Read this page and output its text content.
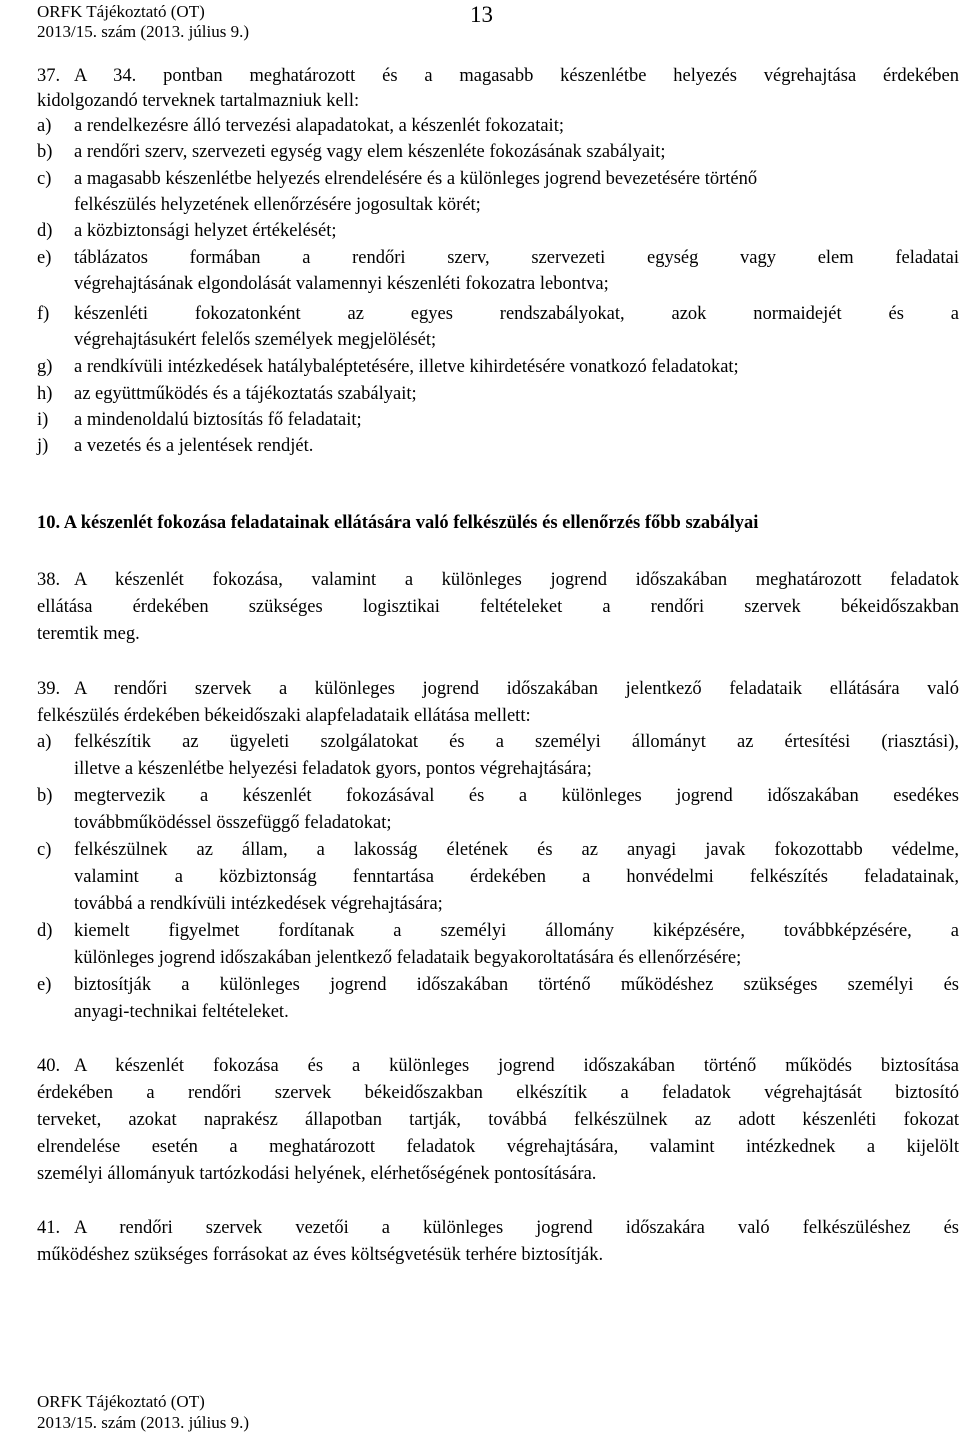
ORFK Tájékoztató (OT)
2013/15. szám (2013. július 9.)
13
37. A 34. pontban meghatározott és a magasabb készenlétbe helyezés végrehajtása érdekében
kidolgozandó terveknek tartalmazniuk kell:
a) a rendelkezésre álló tervezési alapadatokat, a készenlét fokozatait;
b) a rendőri szerv, szervezeti egység vagy elem készenléte fokozásának szabályait;
c) a magasabb készenlétbe helyezés elrendelésére és a különleges jogrend bevezetésére történő
felkészülés helyzetének ellenőrzésére jogosultak körét;
d) a közbiztonsági helyzet értékelését;
e) táblázatos formában a rendőri szerv, szervezeti egység vagy elem feladatai
végrehajtásának elgondolását valamennyi készenléti fokozatra lebontva;
f) készenléti fokozatonként az egyes rendszabályokat, azok normaidejét és a
végrehajtásukért felelős személyek megjelölését;
g) a rendkívüli intézkedések hatálybaléptetésére, illetve kihirdetésére vonatkozó feladatokat;
h) az együttműködés és a tájékoztatás szabályait;
i) a mindenoldalú biztosítás fő feladatait;
j) a vezetés és a jelentések rendjét.
10. A készenlét fokozása feladatainak ellátására való felkészülés és ellenőrzés főbb szabályai
38. A készenlét fokozása, valamint a különleges jogrend időszakában meghatározott feladatok
ellátása érdekében szükséges logisztikai feltételeket a rendőri szervek békeidőszakban
teremtik meg.
39. A rendőri szervek a különleges jogrend időszakában jelentkező feladataik ellátására való
felkészülés érdekében békeidőszaki alapfeladataik ellátása mellett:
a) felkészítik az ügyeleti szolgálatokat és a személyi állományt az értesítési (riasztási),
illetve a készenlétbe helyezési feladatok gyors, pontos végrehajtására;
b) megtervezik a készenlét fokozásával és a különleges jogrend időszakában esedékes
továbbműködéssel összefüggő feladatokat;
c) felkészülnek az állam, a lakosság életének és az anyagi javak fokozottabb védelme,
valamint a közbiztonság fenntartása érdekében a honvédelmi felkészítés feladatainak,
továbbá a rendkívüli intézkedések végrehajtására;
d) kiemelt figyelmet fordítanak a személyi állomány kiképzésére, továbbképzésére, a
különleges jogrend időszakában jelentkező feladataik begyakoroltatására és ellenőrzésére;
e) biztosítják a különleges jogrend időszakában történő működéshez szükséges személyi és
anyagi-technikai feltételeket.
40. A készenlét fokozása és a különleges jogrend időszakában történő működés biztosítása
érdekében a rendőri szervek békeidőszakban elkészítik a feladatok végrehajtását biztosító
terveket, azokat naprakész állapotban tartják, továbbá felkészülnek az adott készenléti fokozat
elrendelése esetén a meghatározott feladatok végrehajtására, valamint intézkednek a kijelölt
személyi állományuk tartózkodási helyének, elérhetőségének pontosítására.
41. A rendőri szervek vezetői a különleges jogrend időszakára való felkészüléshez és
működéshez szükséges forrásokat az éves költségvetésük terhére biztosítják.
ORFK Tájékoztató (OT)
2013/15. szám (2013. július 9.)
